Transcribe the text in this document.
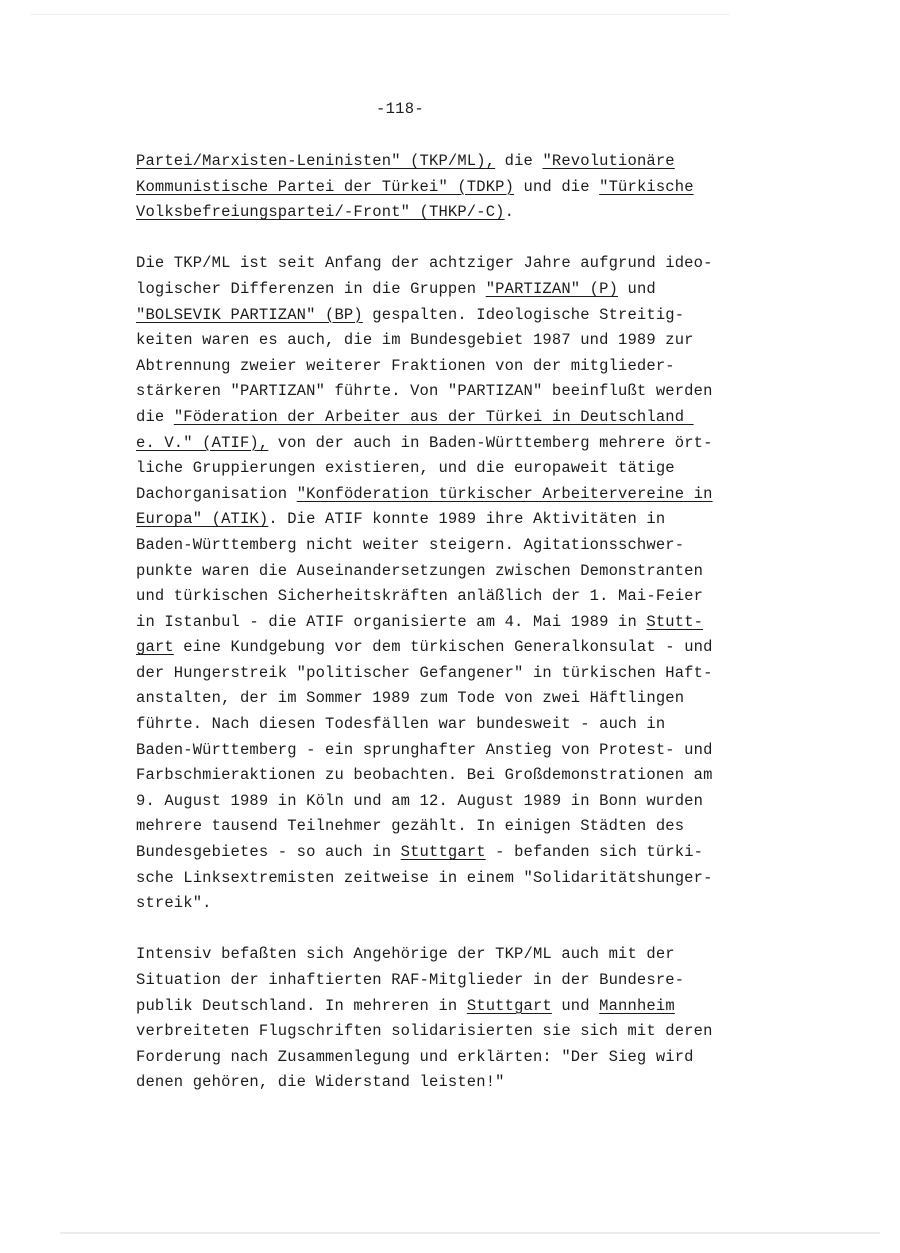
-118-
Partei/Marxisten-Leninisten" (TKP/ML), die "Revolutionäre
Kommunistische Partei der Türkei" (TDKP) und die "Türkische
Volksbefreiungspartei/-Front" (THKP/-C).
Die TKP/ML ist seit Anfang der achtziger Jahre aufgrund ideo-
logischer Differenzen in die Gruppen "PARTIZAN" (P) und
"BOLSEVIK PARTIZAN" (BP) gespalten. Ideologische Streitig-
keiten waren es auch, die im Bundesgebiet 1987 und 1989 zur
Abtrennung zweier weiterer Fraktionen von der mitglieder-
stärkeren "PARTIZAN" führte. Von "PARTIZAN" beeinflußt werden
die "Föderation der Arbeiter aus der Türkei in Deutschland
e. V." (ATIF), von der auch in Baden-Württemberg mehrere ört-
liche Gruppierungen existieren, und die europaweit tätige
Dachorganisation "Konföderation türkischer Arbeitervereine in
Europa" (ATIK). Die ATIF konnte 1989 ihre Aktivitäten in
Baden-Württemberg nicht weiter steigern. Agitationsschwer-
punkte waren die Auseinandersetzungen zwischen Demonstranten
und türkischen Sicherheitskräften anläßlich der 1. Mai-Feier
in Istanbul - die ATIF organisierte am 4. Mai 1989 in Stutt-
gart eine Kundgebung vor dem türkischen Generalkonsulat - und
der Hungerstreik "politischer Gefangener" in türkischen Haft-
anstalten, der im Sommer 1989 zum Tode von zwei Häftlingen
führte. Nach diesen Todesfällen war bundesweit - auch in
Baden-Württemberg - ein sprunghafter Anstieg von Protest- und
Farbschmieraktionen zu beobachten. Bei Großdemonstrationen am
9. August 1989 in Köln und am 12. August 1989 in Bonn wurden
mehrere tausend Teilnehmer gezählt. In einigen Städten des
Bundesgebietes - so auch in Stuttgart - befanden sich türki-
sche Linksextremisten zeitweise in einem "Solidaritätshunger-
streik".
Intensiv befaßten sich Angehörige der TKP/ML auch mit der
Situation der inhaftierten RAF-Mitglieder in der Bundesre-
publik Deutschland. In mehreren in Stuttgart und Mannheim
verbreiteten Flugschriften solidarisierten sie sich mit deren
Forderung nach Zusammenlegung und erklärten: "Der Sieg wird
denen gehören, die Widerstand leisten!"
